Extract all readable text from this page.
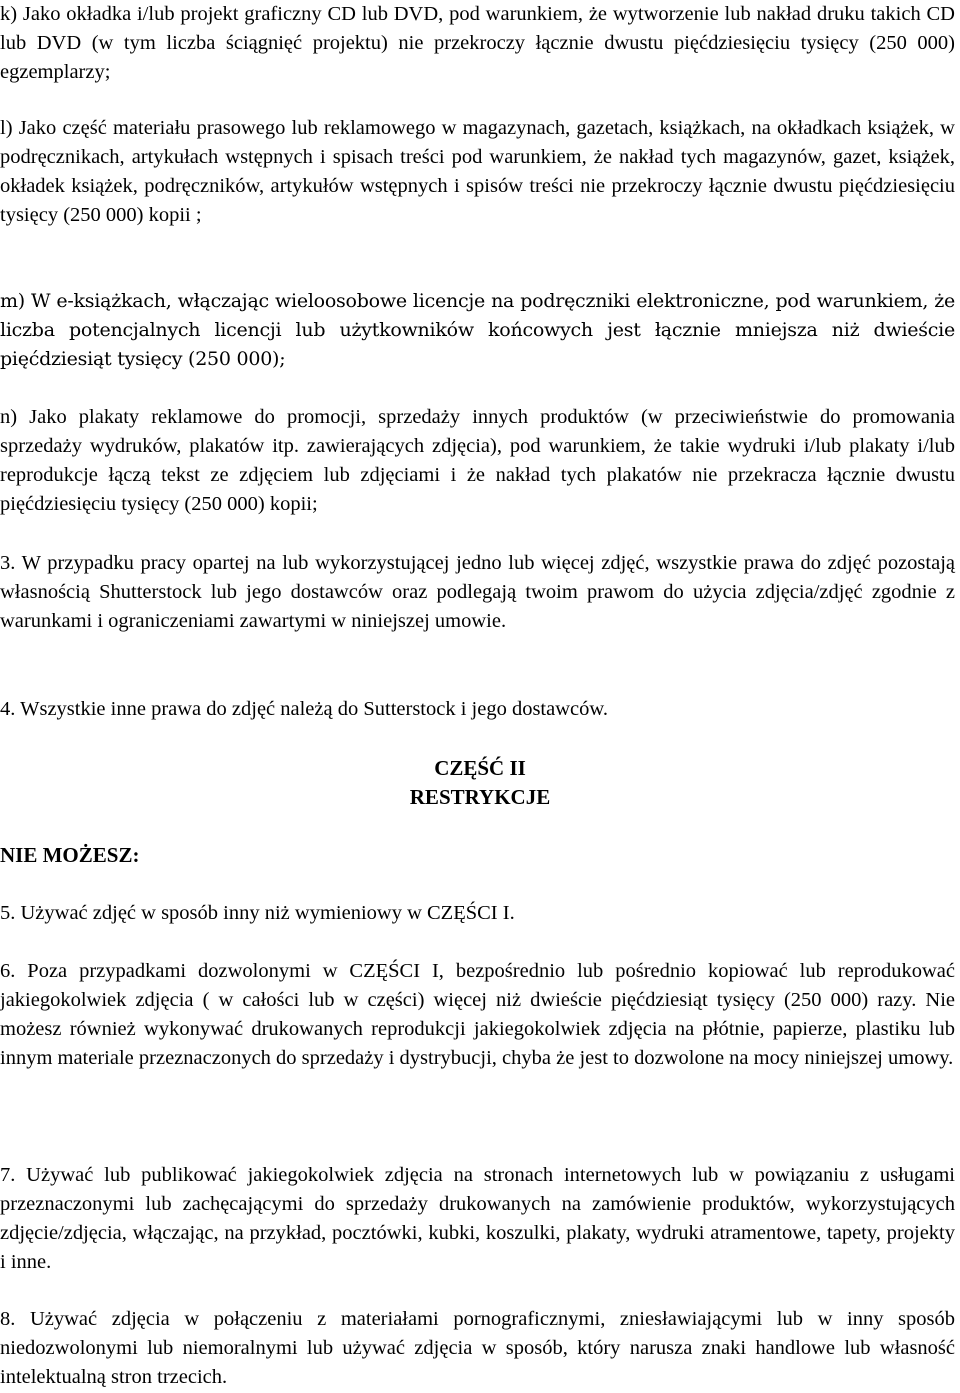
k) Jako okładka i/lub projekt graficzny CD lub DVD, pod warunkiem, że wytworzenie lub nakład druku takich CD lub DVD (w tym liczba ściągnięć projektu) nie przekroczy łącznie dwustu pięćdziesięciu tysięcy (250 000) egzemplarzy;

l) Jako część materiału prasowego lub reklamowego w magazynach, gazetach, książkach, na okładkach książek, w podręcznikach, artykułach wstępnych i spisach treści pod warunkiem, że nakład tych magazynów, gazet, książek, okładek książek, podręczników, artykułów wstępnych i spisów treści nie przekroczy łącznie dwustu pięćdziesięciu tysięcy (250 000) kopii ;

m) W e-książkach, włączając wieloosobowe licencje na podręczniki elektroniczne, pod warunkiem, że liczba potencjalnych licencji lub użytkowników końcowych jest łącznie mniejsza niż dwieście pięćdziesiąt tysięcy (250 000);

n) Jako plakaty reklamowe do promocji, sprzedaży innych produktów (w przeciwieństwie do promowania sprzedaży wydruków, plakatów itp. zawierających zdjęcia), pod warunkiem, że takie wydruki i/lub plakaty i/lub reprodukcje łączą tekst ze zdjęciem lub zdjęciami i że nakład tych plakatów nie przekracza łącznie dwustu pięćdziesięciu tysięcy (250 000) kopii;

3. W przypadku pracy opartej na lub wykorzystującej jedno lub więcej zdjęć, wszystkie prawa do zdjęć pozostają własnością Shutterstock lub jego dostawców oraz podlegają twoim prawom do użycia zdjęcia/zdjęć zgodnie z warunkami i ograniczeniami zawartymi w niniejszej umowie.

4. Wszystkie inne prawa do zdjęć należą do Sutterstock i jego dostawców.

CZĘŚĆ II
RESTRYKCJE

NIE MOŻESZ:

5. Używać zdjęć w sposób inny niż wymieniowy w CZĘŚCI I.

6. Poza przypadkami dozwolonymi w CZĘŚCI I, bezpośrednio lub pośrednio kopiować lub reprodukować jakiegokolwiek zdjęcia ( w całości lub w części) więcej niż dwieście pięćdziesiąt tysięcy (250 000) razy. Nie możesz również wykonywać drukowanych reprodukcji jakiegokolwiek zdjęcia na płótnie, papierze, plastiku lub innym materiale przeznaczonych do sprzedaży i dystrybucji, chyba że jest to dozwolone na mocy niniejszej umowy.

7. Używać lub publikować jakiegokolwiek zdjęcia na stronach internetowych lub w powiązaniu z usługami przeznaczonymi lub zachęcającymi do sprzedaży drukowanych na zamówienie produktów, wykorzystujących zdjęcie/zdjęcia, włączając, na przykład, pocztówki, kubki, koszulki, plakaty, wydruki atramentowe, tapety, projekty i inne.

8. Używać zdjęcia w połączeniu z materiałami pornograficznymi, zniesławiającymi lub w inny sposób niedozwolonymi lub niemoralnymi lub używać zdjęcia w sposób, który narusza znaki handlowe lub własność intelektualną stron trzecich.
